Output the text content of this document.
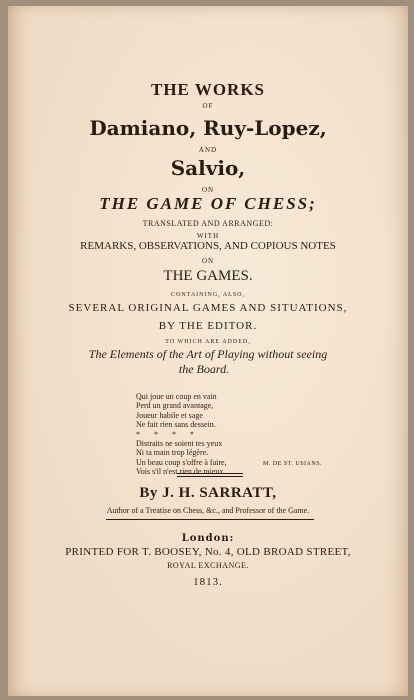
THE WORKS
OF
Damiano, Ruy-Lopez,
AND
Salvio,
ON
THE GAME OF CHESS;
TRANSLATED AND ARRANGED:
WITH
REMARKS, OBSERVATIONS, AND COPIOUS NOTES
ON
THE GAMES.
CONTAINING, ALSO,
SEVERAL ORIGINAL GAMES AND SITUATIONS,
BY THE EDITOR.
TO WHICH ARE ADDED,
The Elements of the Art of Playing without seeing
the Board.
Qui joue un coup en vain
Perd un grand avantage,
Joueur habile et sage
Ne fait rien sans dessein.
* * * *
Distraits ne soient tes yeux
Ni ta main trop légère.
Un beau coup s'offre à faire,
Vois s'il n'est rien de mieux.
M. DE ST. USIANS.
By J. H. SARRATT,
Author of a Treatise on Chess, &c., and Professor of the Game.
London:
PRINTED FOR T. BOOSEY, No. 4, OLD BROAD STREET,
ROYAL EXCHANGE.
1813.
